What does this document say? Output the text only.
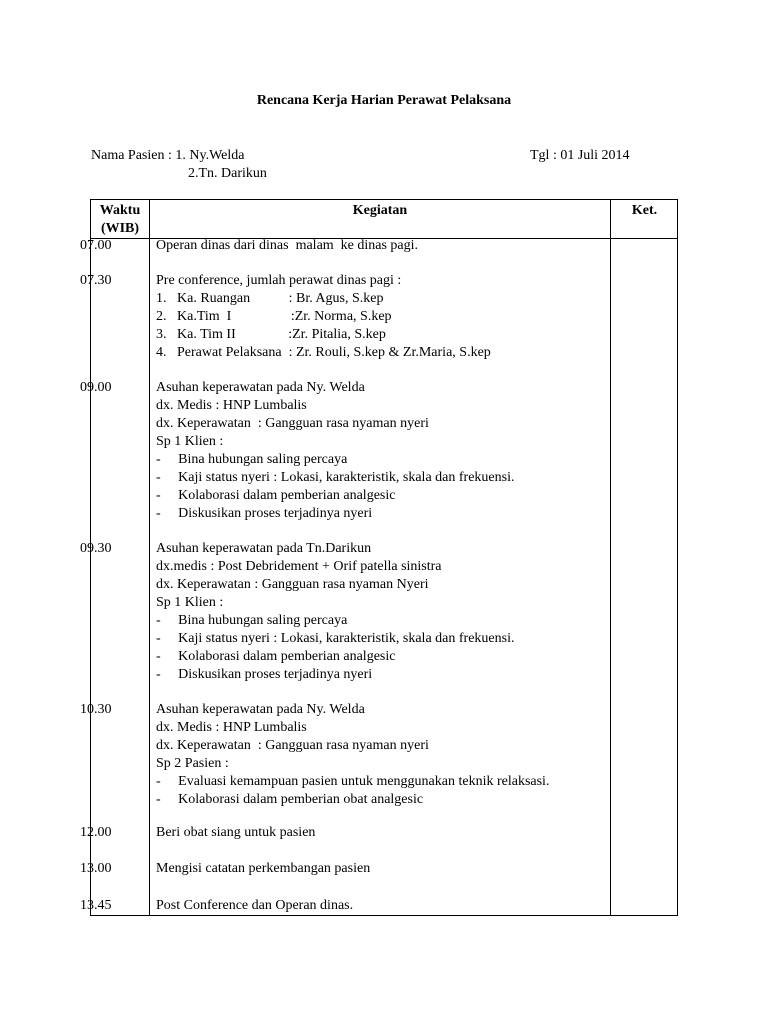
Rencana Kerja Harian Perawat Pelaksana
Nama Pasien : 1. Ny.Welda
2.Tn. Darikun
Tgl : 01 Juli 2014
Waktu
(WIB)
Kegiatan	Ket.
07.00	Operan dinas dari dinas  malam  ke dinas pagi.
07.30	Pre conference, jumlah perawat dinas pagi :
1.   Ka. Ruangan           : Br. Agus, S.kep
2.   Ka.Tim  I                 :Zr. Norma, S.kep
3.   Ka. Tim II               :Zr. Pitalia, S.kep
4.   Perawat Pelaksana  : Zr. Rouli, S.kep & Zr.Maria, S.kep
09.00	Asuhan keperawatan pada Ny. Welda
dx. Medis : HNP Lumbalis
dx. Keperawatan  : Gangguan rasa nyaman nyeri
Sp 1 Klien :
-     Bina hubungan saling percaya
-     Kaji status nyeri : Lokasi, karakteristik, skala dan frekuensi.
-     Kolaborasi dalam pemberian analgesic
-     Diskusikan proses terjadinya nyeri
09.30	Asuhan keperawatan pada Tn.Darikun
dx.medis : Post Debridement + Orif patella sinistra
dx. Keperawatan : Gangguan rasa nyaman Nyeri
Sp 1 Klien :
-     Bina hubungan saling percaya
-     Kaji status nyeri : Lokasi, karakteristik, skala dan frekuensi.
-     Kolaborasi dalam pemberian analgesic
-     Diskusikan proses terjadinya nyeri
10.30	Asuhan keperawatan pada Ny. Welda
dx. Medis : HNP Lumbalis
dx. Keperawatan  : Gangguan rasa nyaman nyeri
Sp 2 Pasien :
-     Evaluasi kemampuan pasien untuk menggunakan teknik relaksasi.
-     Kolaborasi dalam pemberian obat analgesic
12.00	Beri obat siang untuk pasien
13.00	Mengisi catatan perkembangan pasien
13.45	Post Conference dan Operan dinas.
